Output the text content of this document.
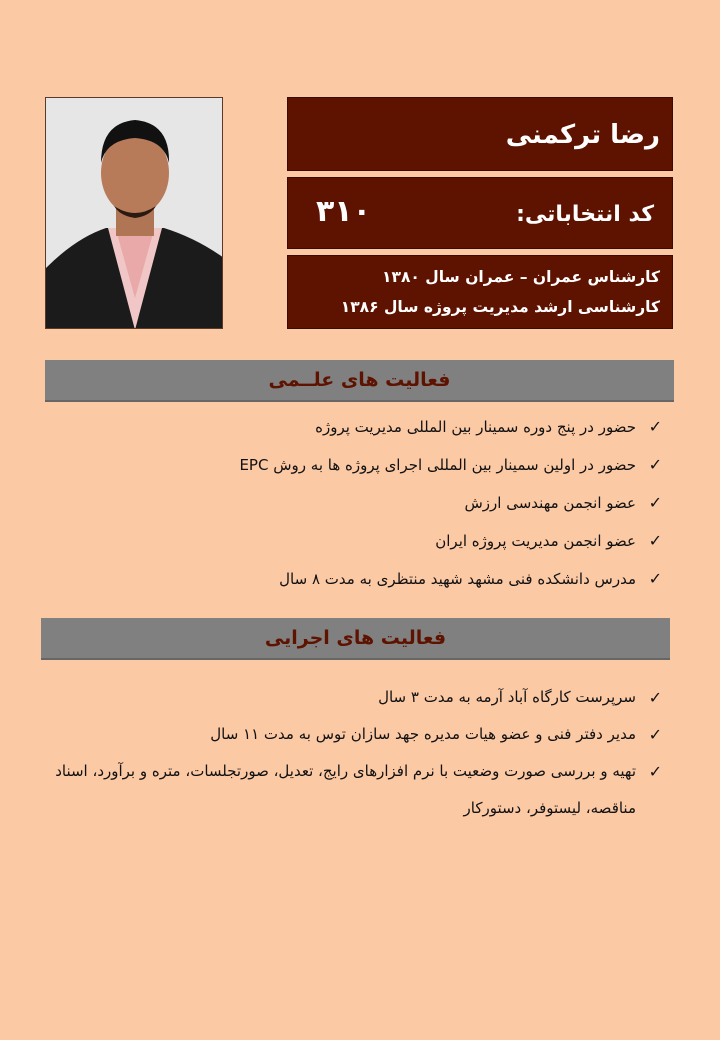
رضا ترکمنی
کد انتخاباتی:
۳۱۰
کارشناس عمران – عمران سال ۱۳۸۰
کارشناسی ارشد مدیریت پروژه سال ۱۳۸۶
فعالیت های علــمی
✓
حضور در پنج دوره سمینار بین المللی مدیریت پروژه
✓
حضور در اولین سمینار بین المللی اجرای پروژه ها به روش EPC
✓
عضو انجمن مهندسی ارزش
✓
عضو انجمن مدیریت پروژه ایران
✓
مدرس دانشکده فنی مشهد شهید منتظری به مدت ۸ سال
فعالیت های اجرایی
✓
سرپرست کارگاه آباد آرمه به مدت ۳ سال
✓
مدیر دفتر فنی و عضو هیات مدیره جهد سازان توس به مدت ۱۱ سال
✓
تهیه و بررسی صورت وضعیت با نرم افزارهای رایج، تعدیل، صورتجلسات، متره و برآورد، اسناد مناقصه، لیستوفر، دستورکار
